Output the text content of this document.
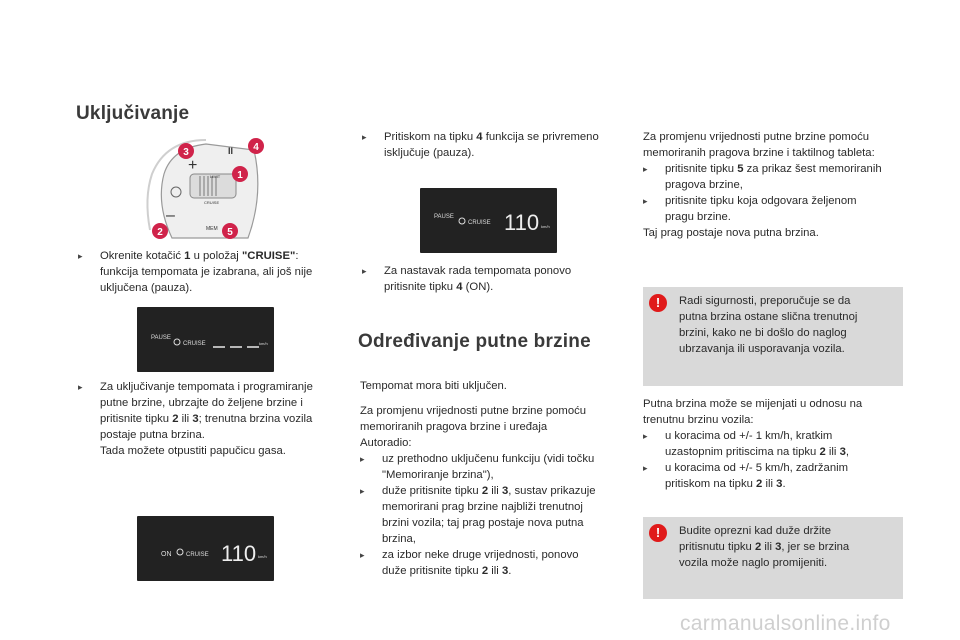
Uključivanje
+
II
–
MEM
LIMIT
CRUISE
3	4
1
2	5
▸

Okrenite kotačić 1 u položaj "CRUISE":

funkcija tempomata je izabrana, ali još nije

uključena (pauza).

PAUSE
CRUISE	km/h
▸

Za uključivanje tempomata i programiranje

putne brzine, ubrzajte do željene brzine i

pritisnite tipku 2 ili 3; trenutna brzina vozila

postaje putna brzina.

Tada možete otpustiti papučicu gasa.

ON CRUISE 110 km/h
▸

Pritiskom na tipku 4 funkcija se privremeno

isključuje (pauza).

PAUSE
CRUISE 110 km/h
▸

Za nastavak rada tempomata ponovo

pritisnite tipku 4 (ON).

Određivanje putne brzine
Tempomat mora biti uključen.

Za promjenu vrijednosti putne brzine pomoću

memoriranih pragova brzine i uređaja

Autoradio:

▸

uz prethodno uključenu funkciju (vidi točku

"Memoriranje brzina"),

▸

duže pritisnite tipku 2 ili 3, sustav prikazuje

memorirani prag brzine najbliži trenutnoj

brzini vozila; taj prag postaje nova putna

brzina,

▸

za izbor neke druge vrijednosti, ponovo

duže pritisnite tipku 2 ili 3.

Za promjenu vrijednosti putne brzine pomoću

memoriranih pragova brzine i taktilnog tableta:

▸

pritisnite tipku 5 za prikaz šest memoriranih

pragova brzine,

▸

pritisnite tipku koja odgovara željenom

pragu brzine.

Taj prag postaje nova putna brzina.

!	Radi sigurnosti, preporučuje se da

putna brzina ostane slična trenutnoj

brzini, kako ne bi došlo do naglog

ubrzavanja ili usporavanja vozila.

Putna brzina može se mijenjati u odnosu na

trenutnu brzinu vozila:

▸

u koracima od +/- 1 km/h, kratkim

uzastopnim pritiscima na tipku 2 ili 3,

▸

u koracima od +/- 5 km/h, zadržanim

pritiskom na tipku 2 ili 3.

!	Budite oprezni kad duže držite

pritisnutu tipku 2 ili 3, jer se brzina

vozila može naglo promijeniti.

carmanualsonline.info
